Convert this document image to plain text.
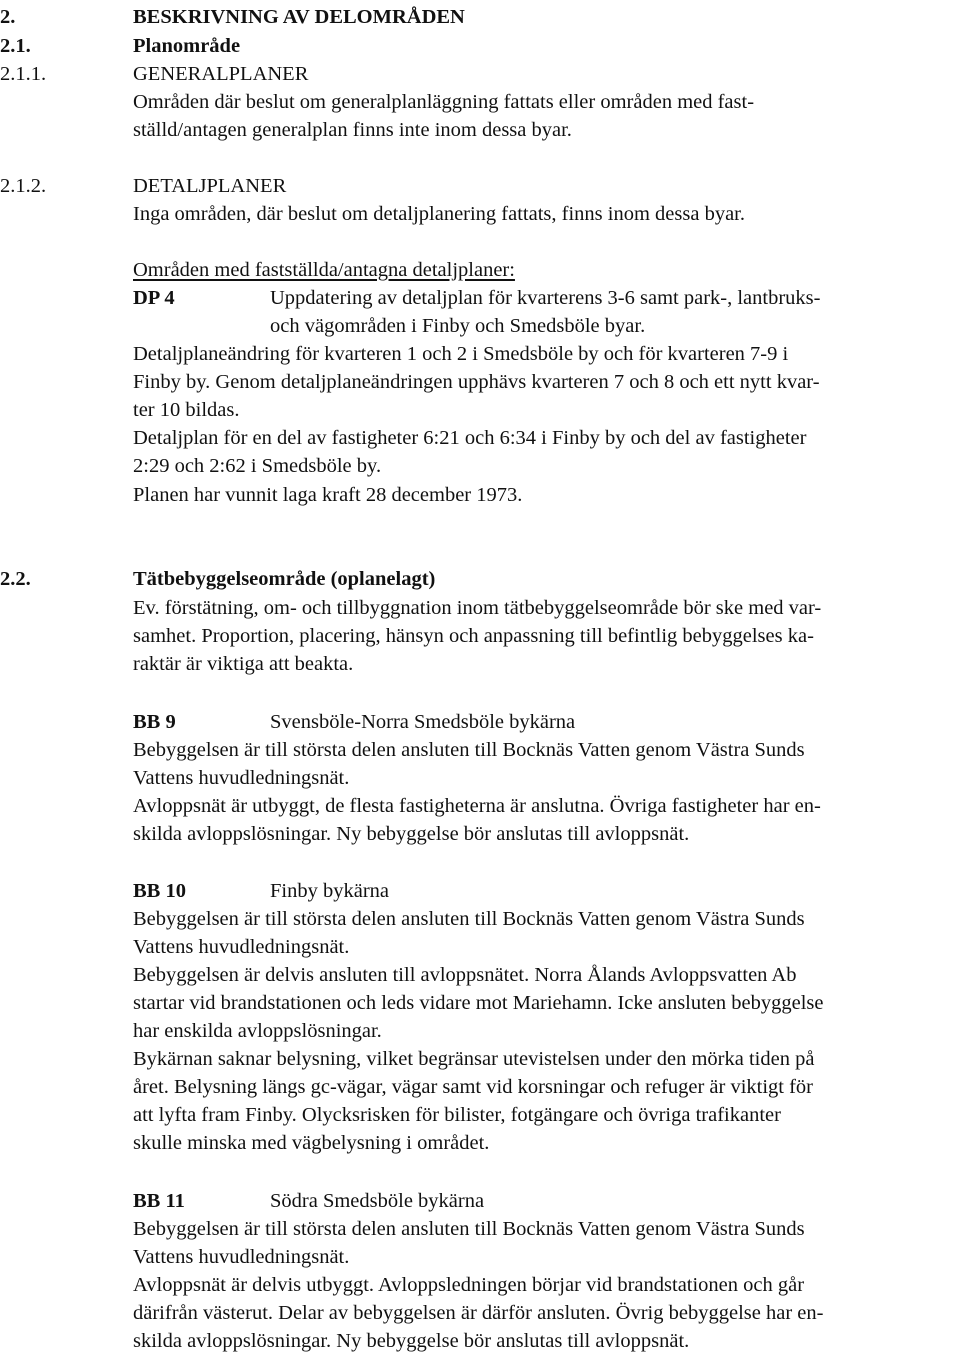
2.	BESKRIVNING AV DELOMRÅDEN
2.1.	Planområde
2.1.1.	GENERALPLANER
Områden där beslut om generalplanläggning fattats eller områden med fast-
ställd/antagen generalplan finns inte inom dessa byar.
2.1.2.	DETALJPLANER
Inga områden, där beslut om detaljplanering fattats, finns inom dessa byar.
Områden med fastställda/antagna detaljplaner:
DP 4	Uppdatering av detaljplan för kvarterens 3-6 samt park-, lantbruks-
och vägområden i Finby och Smedsböle byar.
Detaljplaneändring för kvarteren 1 och 2 i Smedsböle by och för kvarteren 7-9 i
Finby by. Genom detaljplaneändringen upphävs kvarteren 7 och 8 och ett nytt kvar-
ter 10 bildas.
Detaljplan för en del av fastigheter 6:21 och 6:34 i Finby by och del av fastigheter
2:29 och 2:62 i Smedsböle by.
Planen har vunnit laga kraft 28 december 1973.
2.2.	Tätbebyggelseområde (oplanelagt)
Ev. förstätning, om- och tillbyggnation inom tätbebyggelseområde bör ske med var-
samhet. Proportion, placering, hänsyn och anpassning till befintlig bebyggelses ka-
raktär är viktiga att beakta.
BB 9	Svensböle-Norra Smedsböle bykärna
Bebyggelsen är till största delen ansluten till Bocknäs Vatten genom Västra Sunds
Vattens huvudledningsnät.
Avloppsnät är utbyggt, de flesta fastigheterna är anslutna. Övriga fastigheter har en-
skilda avloppslösningar. Ny bebyggelse bör anslutas till avloppsnät.
BB 10	Finby bykärna
Bebyggelsen är till största delen ansluten till Bocknäs Vatten genom Västra Sunds
Vattens huvudledningsnät.
Bebyggelsen är delvis ansluten till avloppsnätet. Norra Ålands Avloppsvatten Ab
startar vid brandstationen och leds vidare mot Mariehamn. Icke ansluten bebyggelse
har enskilda avloppslösningar.
Bykärnan saknar belysning, vilket begränsar utevistelsen under den mörka tiden på
året. Belysning längs gc-vägar, vägar samt vid korsningar och refuger är viktigt för
att lyfta fram Finby. Olycksrisken för bilister, fotgängare och övriga trafikanter
skulle minska med vägbelysning i området.
BB 11	Södra Smedsböle bykärna
Bebyggelsen är till största delen ansluten till Bocknäs Vatten genom Västra Sunds
Vattens huvudledningsnät.
Avloppsnät är delvis utbyggt. Avloppsledningen börjar vid brandstationen och går
därifrån västerut. Delar av bebyggelsen är därför ansluten. Övrig bebyggelse har en-
skilda avloppslösningar. Ny bebyggelse bör anslutas till avloppsnät.
